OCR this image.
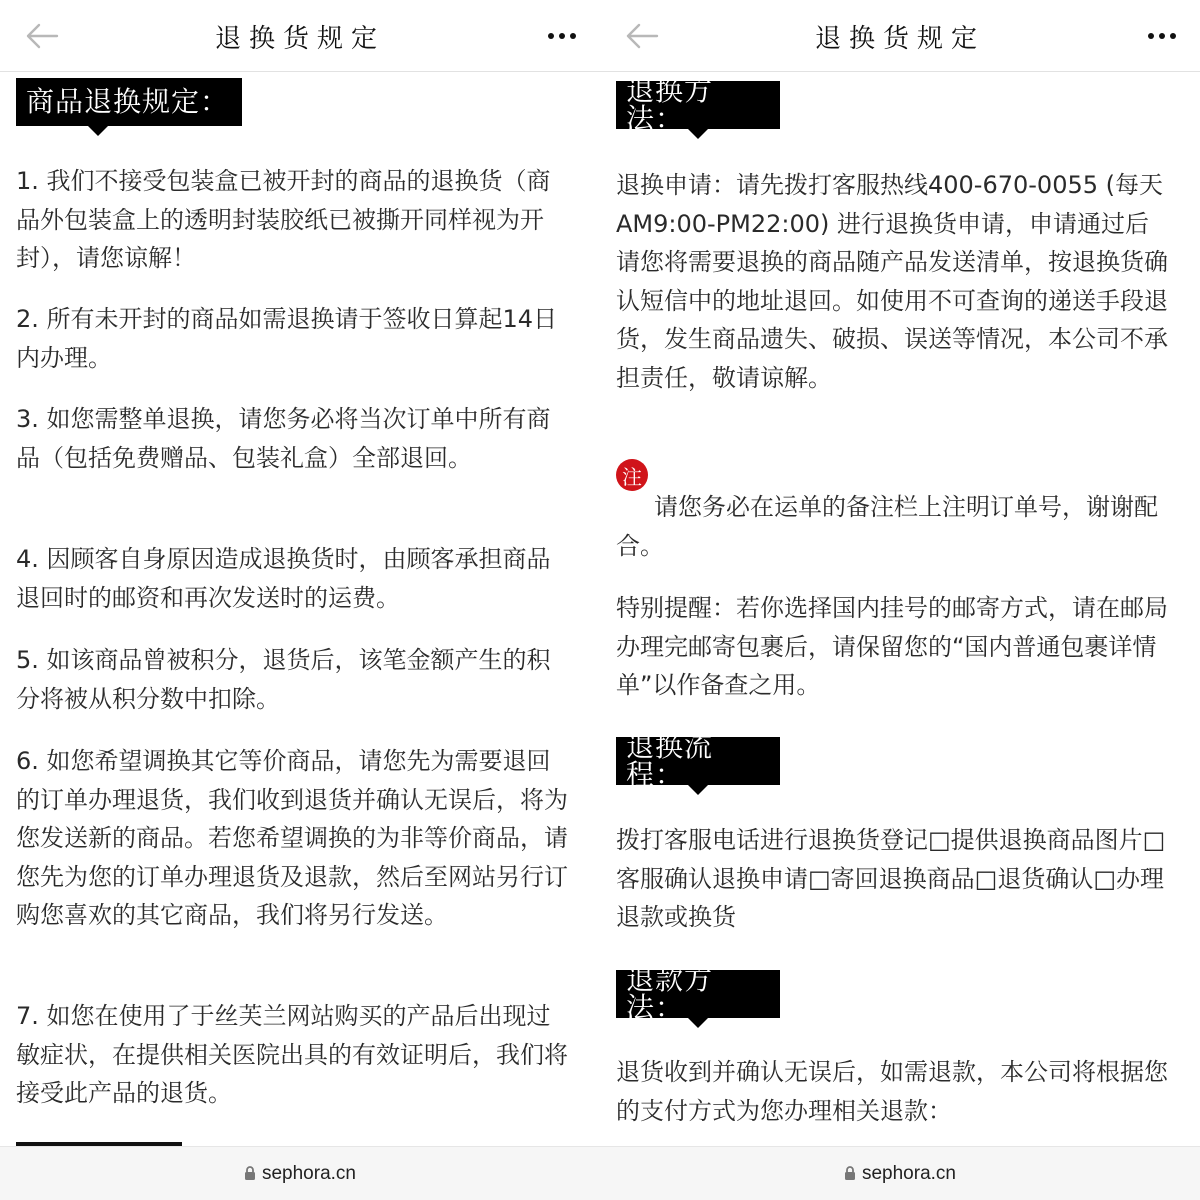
退换货规定
商品退换规定：
1. 我们不接受包装盒已被开封的商品的退换货（商品外包装盒上的透明封装胶纸已被撕开同样视为开封），请您谅解！
2. 所有未开封的商品如需退换请于签收日算起14日内办理。
3. 如您需整单退换，请您务必将当次订单中所有商品（包括免费赠品、包装礼盒）全部退回。
4. 因顾客自身原因造成退换货时，由顾客承担商品退回时的邮资和再次发送时的运费。
5. 如该商品曾被积分，退货后，该笔金额产生的积分将被从积分数中扣除。
6. 如您希望调换其它等价商品，请您先为需要退回的订单办理退货，我们收到退货并确认无误后，将为您发送新的商品。若您希望调换的为非等价商品，请您先为您的订单办理退货及退款，然后至网站另行订购您喜欢的其它商品，我们将另行发送。
7. 如您在使用了于丝芙兰网站购买的产品后出现过敏症状，在提供相关医院出具的有效证明后，我们将接受此产品的退货。
sephora.cn
退换货规定
退换方法：
退换申请：请先拨打客服热线400-670-0055 (每天AM9:00-PM22:00) 进行退换货申请，申请通过后请您将需要退换的商品随产品发送清单，按退换货确认短信中的地址退回。如使用不可查询的递送手段退货，发生商品遗失、破损、误送等情况，本公司不承担责任，敬请谅解。
注
请您务必在运单的备注栏上注明订单号，谢谢配合。
特别提醒：若你选择国内挂号的邮寄方式，请在邮局办理完邮寄包裹后，请保留您的“国内普通包裹详情单”以作备查之用。
退换流程：
拨打客服电话进行退换货登记□提供退换商品图片□客服确认退换申请□寄回退换商品□退货确认□办理退款或换货
退款方法：
退货收到并确认无误后，如需退款，本公司将根据您的支付方式为您办理相关退款：
sephora.cn
